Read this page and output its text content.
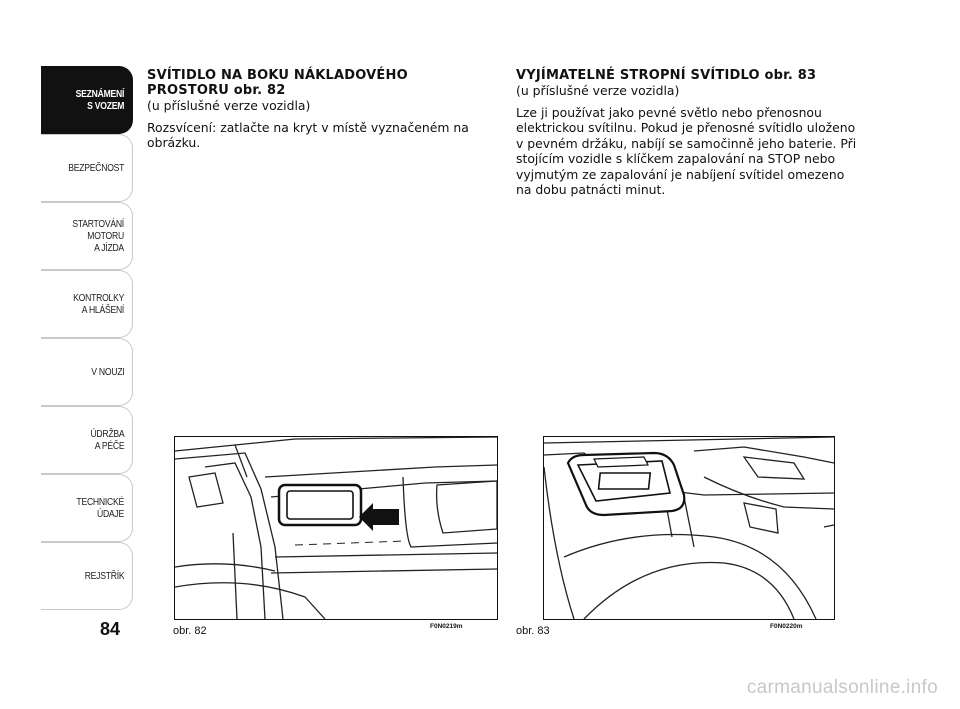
SEZNÁMENÍ
S VOZEM
BEZPEČNOST
STARTOVÁNÍ
MOTORU
A JÍZDA
KONTROLKY
A HLÁŠENÍ
V NOUZI
ÚDRŽBA
A PÉČE
TECHNICKÉ
ÚDAJE
REJSTŘÍK
84
SVÍTIDLO NA BOKU NÁKLADOVÉHO
PROSTORU obr. 82

(u příslušné verze vozidla)

Rozsvícení: zatlačte na kryt v místě vyznačeném na obrázku.

VYJÍMATELNÉ STROPNÍ SVÍTIDLO obr. 83

(u příslušné verze vozidla)

Lze ji používat jako pevné světlo nebo přenosnou elektrickou svítilnu. Pokud je přenosné svítidlo uloženo v pevném držáku, nabíjí se samočinně jeho baterie. Při stojícím vozidle s klíčkem zapalování na STOP nebo vyjmutým ze zapalování je nabíjení svítidel omezeno na dobu patnácti minut.

obr. 82	F0N0219m	obr. 83	F0N0220m
carmanualsonline.info
